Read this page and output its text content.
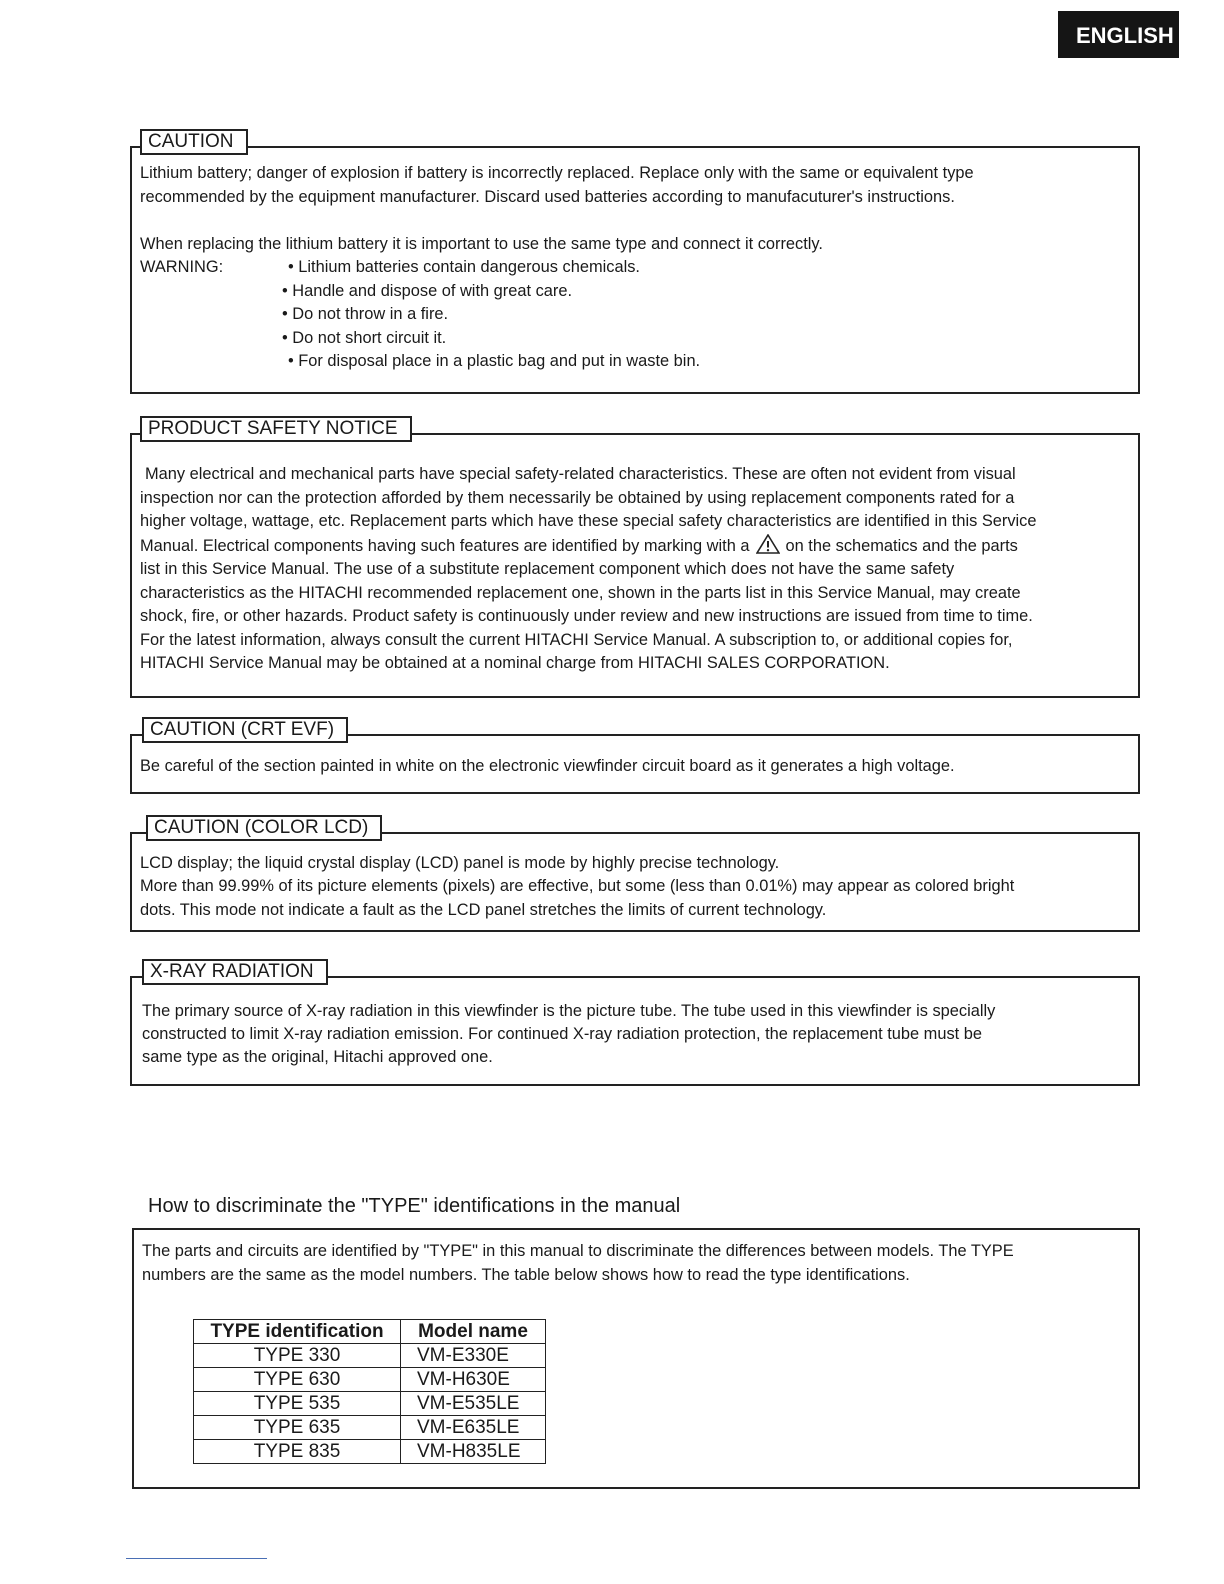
ENGLISH
CAUTION
Lithium battery; danger of explosion if battery is incorrectly replaced. Replace only with the same or equivalent type
recommended by the equipment manufacturer. Discard used batteries according to manufacuturer's instructions.
When replacing the lithium battery it is important to use the same type and connect it correctly.
WARNING:	• Lithium batteries contain dangerous chemicals.
• Handle and dispose of with great care.
• Do not throw in a fire.
• Do not short circuit it.
• For disposal place in a plastic bag and put in waste bin.
PRODUCT SAFETY NOTICE

Many electrical and mechanical parts have special safety-related characteristics. These are often not evident from visual

inspection nor can the protection afforded by them necessarily be obtained by using replacement components rated for a

higher voltage, wattage, etc. Replacement parts which have these special safety characteristics are identified in this Service

Manual. Electrical components having such features are identified by marking with a on the schematics and the parts

list in this Service Manual. The use of a substitute replacement component which does not have the same safety

characteristics as the HITACHI recommended replacement one, shown in the parts list in this Service Manual, may create

shock, fire, or other hazards. Product safety is continuously under review and new instructions are issued from time to time.

For the latest information, always consult the current HITACHI Service Manual. A subscription to, or additional copies for,

HITACHI Service Manual may be obtained at a nominal charge from HITACHI SALES CORPORATION.

CAUTION (CRT EVF)
Be careful of the section painted in white on the electronic viewfinder circuit board as it generates a high voltage.
CAUTION (COLOR LCD)
LCD display; the liquid crystal display (LCD) panel is mode by highly precise technology.
More than 99.99% of its picture elements (pixels) are effective, but some (less than 0.01%) may appear as colored bright
dots. This mode not indicate a fault as the LCD panel stretches the limits of current technology.
X-RAY RADIATION
The primary source of X-ray radiation in this viewfinder is the picture tube. The tube used in this viewfinder is specially
constructed to limit X-ray radiation emission. For continued X-ray radiation protection, the replacement tube must be
same type as the original, Hitachi approved one.
How to discriminate the "TYPE" identifications in the manual
The parts and circuits are identified by "TYPE" in this manual to discriminate the differences between models. The TYPE
numbers are the same as the model numbers. The table below shows how to read the type identifications.
TYPE identification	Model name
TYPE 330	VM-E330E
TYPE 630	VM-H630E
TYPE 535	VM-E535LE
TYPE 635	VM-E635LE
TYPE 835	VM-H835LE
